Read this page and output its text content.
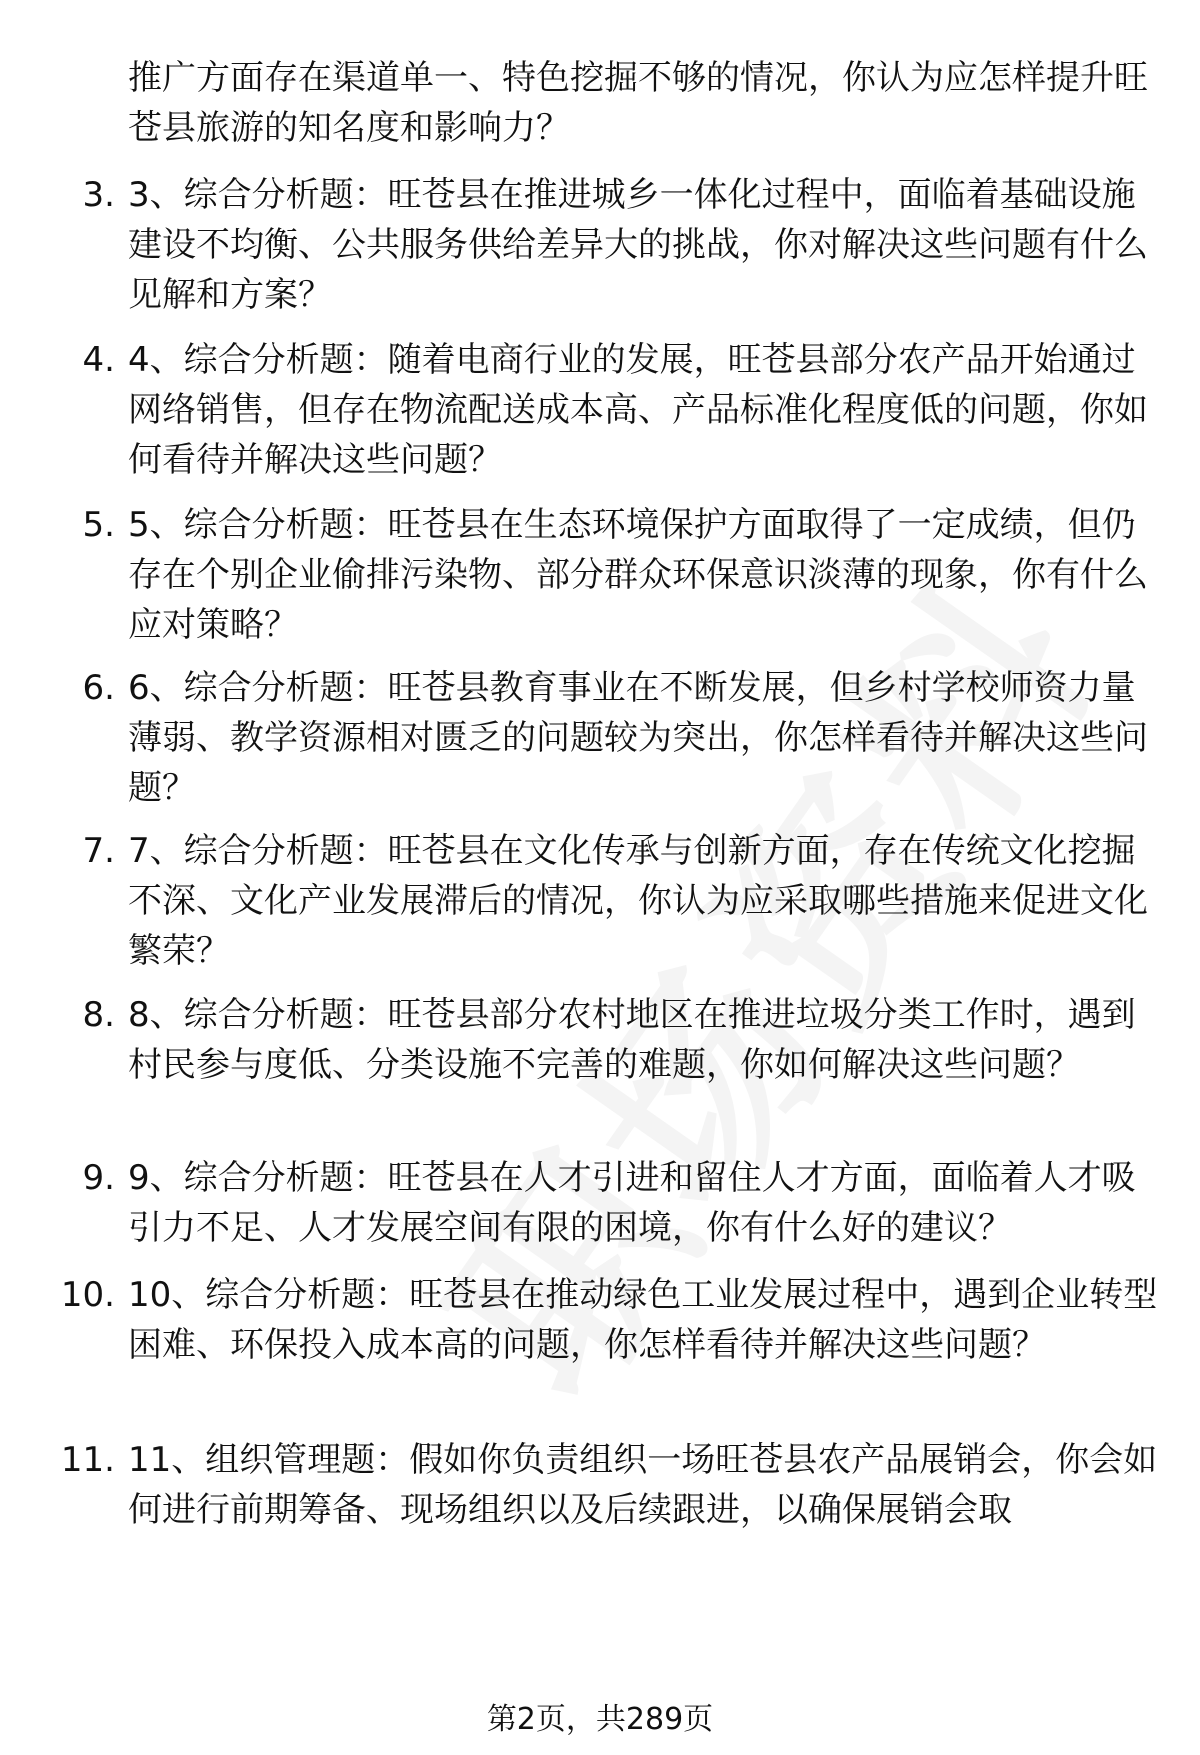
推广方面存在渠道单一、特色挖掘不够的情况，你认为应怎样提升旺苍县旅游的知名度和影响力？

3. 3、综合分析题：旺苍县在推进城乡一体化过程中，面临着基础设施建设不均衡、公共服务供给差异大的挑战，你对解决这些问题有什么见解和方案？

4. 4、综合分析题：随着电商行业的发展，旺苍县部分农产品开始通过网络销售，但存在物流配送成本高、产品标准化程度低的问题，你如何看待并解决这些问题？

5. 5、综合分析题：旺苍县在生态环境保护方面取得了一定成绩，但仍存在个别企业偷排污染物、部分群众环保意识淡薄的现象，你有什么应对策略？

6. 6、综合分析题：旺苍县教育事业在不断发展，但乡村学校师资力量薄弱、教学资源相对匮乏的问题较为突出，你怎样看待并解决这些问题？

7. 7、综合分析题：旺苍县在文化传承与创新方面，存在传统文化挖掘不深、文化产业发展滞后的情况，你认为应采取哪些措施来促进文化繁荣？

8. 8、综合分析题：旺苍县部分农村地区在推进垃圾分类工作时，遇到村民参与度低、分类设施不完善的难题，你如何解决这些问题？

9. 9、综合分析题：旺苍县在人才引进和留住人才方面，面临着人才吸引力不足、人才发展空间有限的困境，你有什么好的建议？

10. 10、综合分析题：旺苍县在推动绿色工业发展过程中，遇到企业转型困难、环保投入成本高的问题，你怎样看待并解决这些问题？

11. 11、组织管理题：假如你负责组织一场旺苍县农产品展销会，你会如何进行前期筹备、现场组织以及后续跟进，以确保展销会取

第2页，共289页
